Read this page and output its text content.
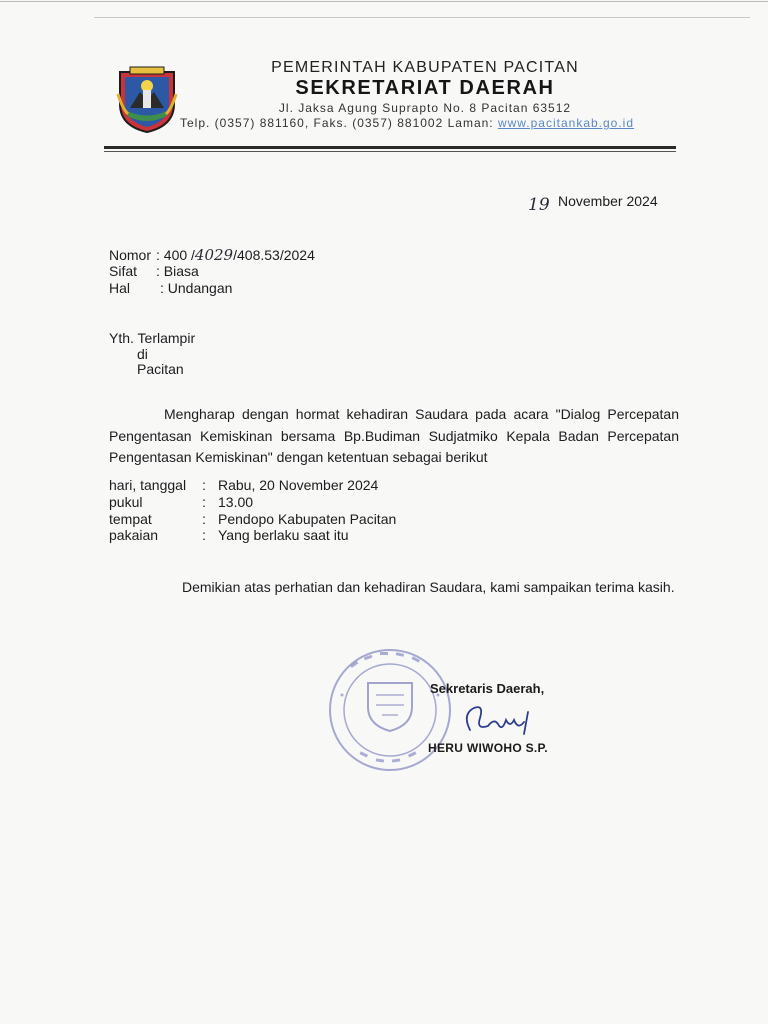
PEMERINTAH KABUPATEN PACITAN
SEKRETARIAT DAERAH
Jl. Jaksa Agung Suprapto No. 8 Pacitan 63512
Telp. (0357) 881160, Faks. (0357) 881002 Laman: www.pacitankab.go.id
19 November 2024
Nomor : 400 /4029/408.53/2024
Sifat : Biasa
Hal : Undangan
Yth. Terlampir
di
Pacitan
Mengharap dengan hormat kehadiran Saudara pada acara "Dialog Percepatan Pengentasan Kemiskinan bersama Bp.Budiman Sudjatmiko Kepala Badan Percepatan Pengentasan Kemiskinan" dengan ketentuan sebagai berikut
hari, tanggal : Rabu, 20 November 2024
pukul	: 13.00
tempat	: Pendopo Kabupaten Pacitan
pakaian	: Yang berlaku saat itu
Demikian atas perhatian dan kehadiran Saudara, kami sampaikan terima kasih.
Sekretaris Daerah,
HERU WIWOHO S.P.
